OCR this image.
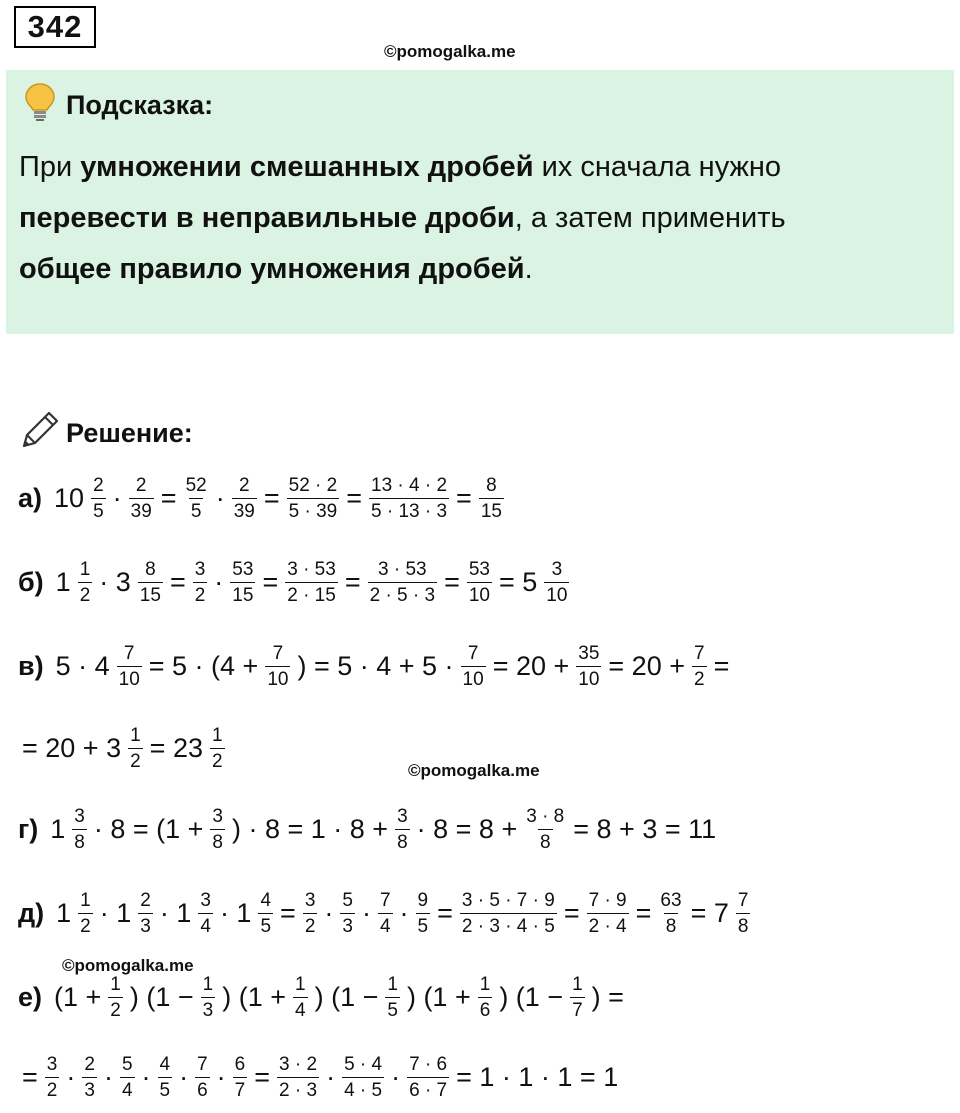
342
©pomogalka.me
Подсказка:
При умножении смешанных дробей их сначала нужно
перевести в неправильные дроби, а затем применить
общее правило умножения дробей.
Решение:
а) $10 \frac{2}{5} \cdot \frac{2}{39} = \frac{52}{5} \cdot \frac{2}{39} = \frac{52 \cdot 2}{5 \cdot 39} = \frac{13 \cdot 4 \cdot 2}{5 \cdot 13 \cdot 3} = \frac{8}{15}$
б) $1 \frac{1}{2} \cdot 3 \frac{8}{15} = \frac{3}{2} \cdot \frac{53}{15} = \frac{3 \cdot 53}{2 \cdot 15} = \frac{3 \cdot 53}{2 \cdot 5 \cdot 3} = \frac{53}{10} = 5 \frac{3}{10}$
в) $5 \cdot 4 \frac{7}{10} = 5 \cdot (4 + \frac{7}{10}$ ) = $5 \cdot 4 + 5 \cdot \frac{7}{10} = 20 + \frac{35}{10} = 20 + \frac{7}{2}$ =
= $20 + 3 \frac{1}{2} = 23 \frac{1}{2}$
г) $1 \frac{3}{8} \cdot 8 = (1 + \frac{3}{8}$ ) · $8 = 1 \cdot 8 + \frac{3}{8} \cdot 8 = 8 + \frac{3 \cdot 8}{8} = 8 + 3 = 11$
д) $1 \frac{1}{2} \cdot 1 \frac{2}{3} \cdot 1 \frac{3}{4} \cdot 1 \frac{4}{5} = \frac{3}{2} \cdot \frac{5}{3} \cdot \frac{7}{4} \cdot \frac{9}{5} = \frac{3 \cdot 5 \cdot 7 \cdot 9}{2 \cdot 3 \cdot 4 \cdot 5} = \frac{7 \cdot 9}{2 \cdot 4} = \frac{63}{8} = 7 \frac{7}{8}$
е) ($1 + \frac{1}{2}$ ) ($1 - \frac{1}{3}$ ) ($1 + \frac{1}{4}$ ) ($1 - \frac{1}{5}$ ) ($1 + \frac{1}{6}$ ) ($1 - \frac{1}{7}$ ) =
= $\frac{3}{2} \cdot \frac{2}{3} \cdot \frac{5}{4} \cdot \frac{4}{5} \cdot \frac{7}{6} \cdot \frac{6}{7} = \frac{3 \cdot 2}{2 \cdot 3} \cdot \frac{5 \cdot 4}{4 \cdot 5} \cdot \frac{7 \cdot 6}{6 \cdot 7} = 1 \cdot 1 \cdot 1 = 1$
©pomogalka.me
©pomogalka.me
